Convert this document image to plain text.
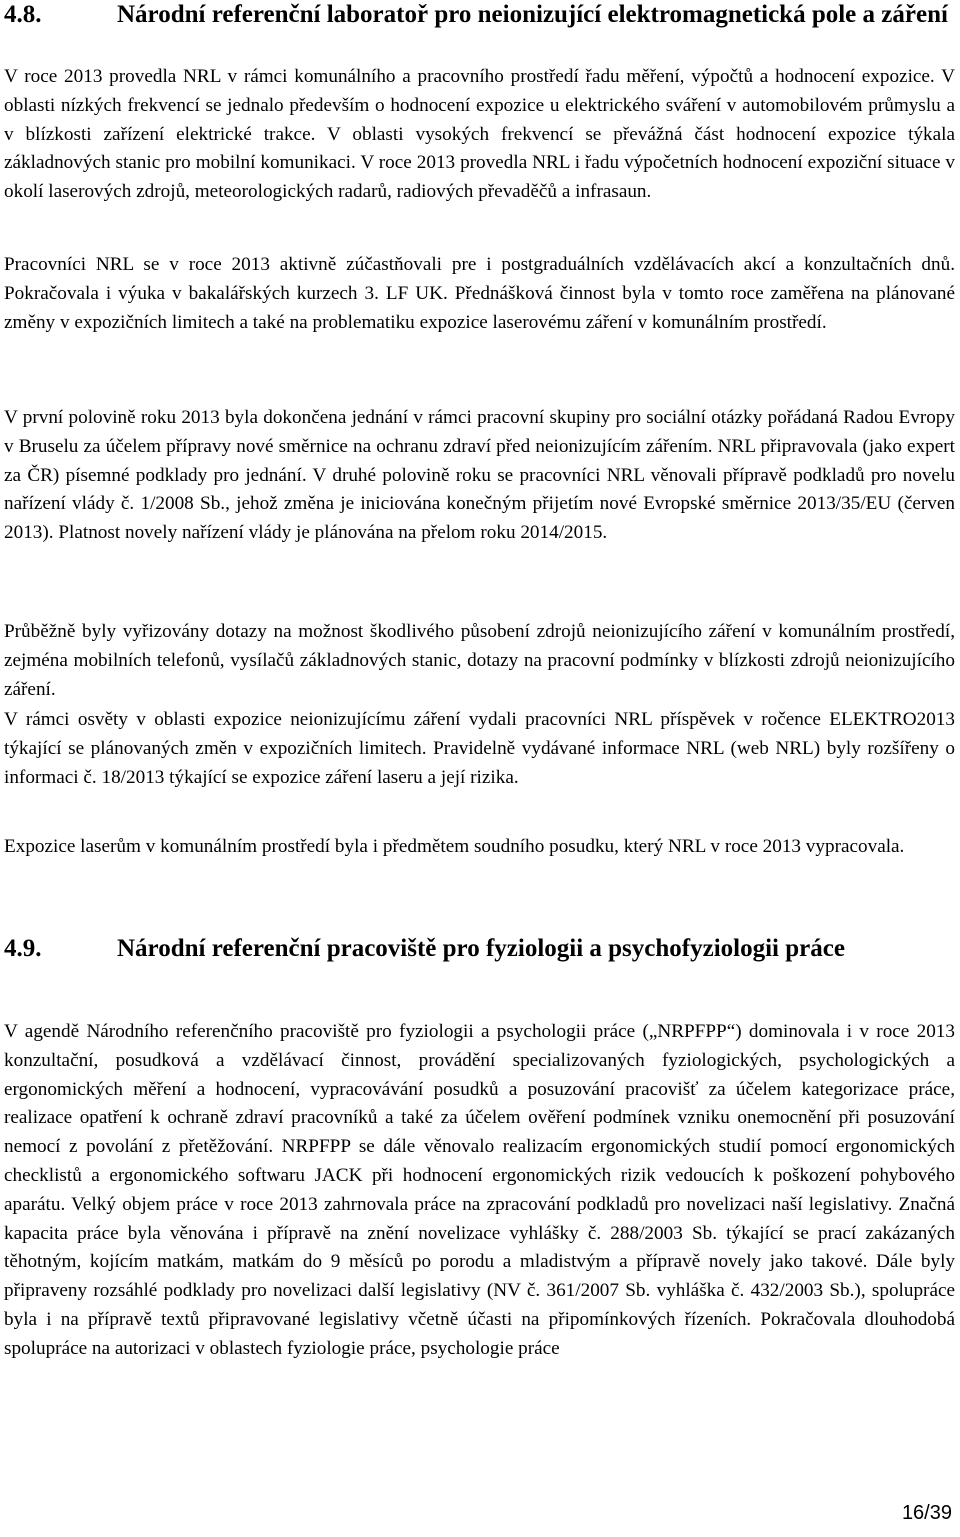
4.8.	Národní referenční laboratoř pro neionizující elektromagnetická pole a záření

V roce 2013 provedla NRL v rámci komunálního a pracovního prostředí řadu měření, výpočtů a hodnocení expozice. V oblasti nízkých frekvencí se jednalo především o hodnocení expozice u elektrického sváření v automobilovém průmyslu a v blízkosti zařízení elektrické trakce. V oblasti vysokých frekvencí se převážná část hodnocení expozice týkala základnových stanic pro mobilní komunikaci. V roce 2013 provedla NRL i řadu výpočetních hodnocení expoziční situace v okolí laserových zdrojů, meteorologických radarů, radiových převaděčů a infrasaun.

Pracovníci NRL se v roce 2013 aktivně zúčastňovali pre i postgraduálních vzdělávacích akcí a konzultačních dnů. Pokračovala i výuka v bakalářských kurzech 3. LF UK. Přednášková činnost byla v tomto roce zaměřena na plánované změny v expozičních limitech a také na problematiku expozice laserovému záření v komunálním prostředí.

V první polovině roku 2013 byla dokončena jednání v rámci pracovní skupiny pro sociální otázky pořádaná Radou Evropy v Bruselu za účelem přípravy nové směrnice na ochranu zdraví před neionizujícím zářením. NRL připravovala (jako expert za ČR) písemné podklady pro jednání. V druhé polovině roku se pracovníci NRL věnovali přípravě podkladů pro novelu nařízení vlády č. 1/2008 Sb., jehož změna je iniciována konečným přijetím nové Evropské směrnice 2013/35/EU (červen 2013). Platnost novely nařízení vlády je plánována na přelom roku 2014/2015.

Průběžně byly vyřizovány dotazy na možnost škodlivého působení zdrojů neionizujícího záření v komunálním prostředí, zejména mobilních telefonů, vysílačů základnových stanic, dotazy na pracovní podmínky v blízkosti zdrojů neionizujícího záření.

V rámci osvěty v oblasti expozice neionizujícímu záření vydali pracovníci NRL příspěvek v ročence ELEKTRO2013 týkající se plánovaných změn v expozičních limitech. Pravidelně vydávané informace NRL (web NRL) byly rozšířeny o informaci č. 18/2013 týkající se expozice záření laseru a její rizika.

Expozice laserům v komunálním prostředí byla i předmětem soudního posudku, který NRL v roce 2013 vypracovala.

4.9.	Národní referenční pracoviště pro fyziologii a psychofyziologii práce

V agendě Národního referenčního pracoviště pro fyziologii a psychologii práce („NRPFPP“) dominovala i v roce 2013 konzultační, posudková a vzdělávací činnost, provádění specializovaných fyziologických, psychologických a ergonomických měření a hodnocení, vypracovávání posudků a posuzování pracovišť za účelem kategorizace práce, realizace opatření k ochraně zdraví pracovníků a také za účelem ověření podmínek vzniku onemocnění při posuzování nemocí z povolání z přetěžování. NRPFPP se dále věnovalo realizacím ergonomických studií pomocí ergonomických checklistů a ergonomického softwaru JACK při hodnocení ergonomických rizik vedoucích k poškození pohybového aparátu. Velký objem práce v roce 2013 zahrnovala práce na zpracování podkladů pro novelizaci naší legislativy. Značná kapacita práce byla věnována i přípravě na znění novelizace vyhlášky č. 288/2003 Sb. týkající se prací zakázaných těhotným, kojícím matkám, matkám do 9 měsíců po porodu a mladistvým a přípravě novely jako takové. Dále byly připraveny rozsáhlé podklady pro novelizaci další legislativy (NV č. 361/2007 Sb. vyhláška č. 432/2003 Sb.), spolupráce byla i na přípravě textů připravované legislativy včetně účasti na připomínkových řízeních. Pokračovala dlouhodobá spolupráce na autorizaci v oblastech fyziologie práce, psychologie práce

16/39
